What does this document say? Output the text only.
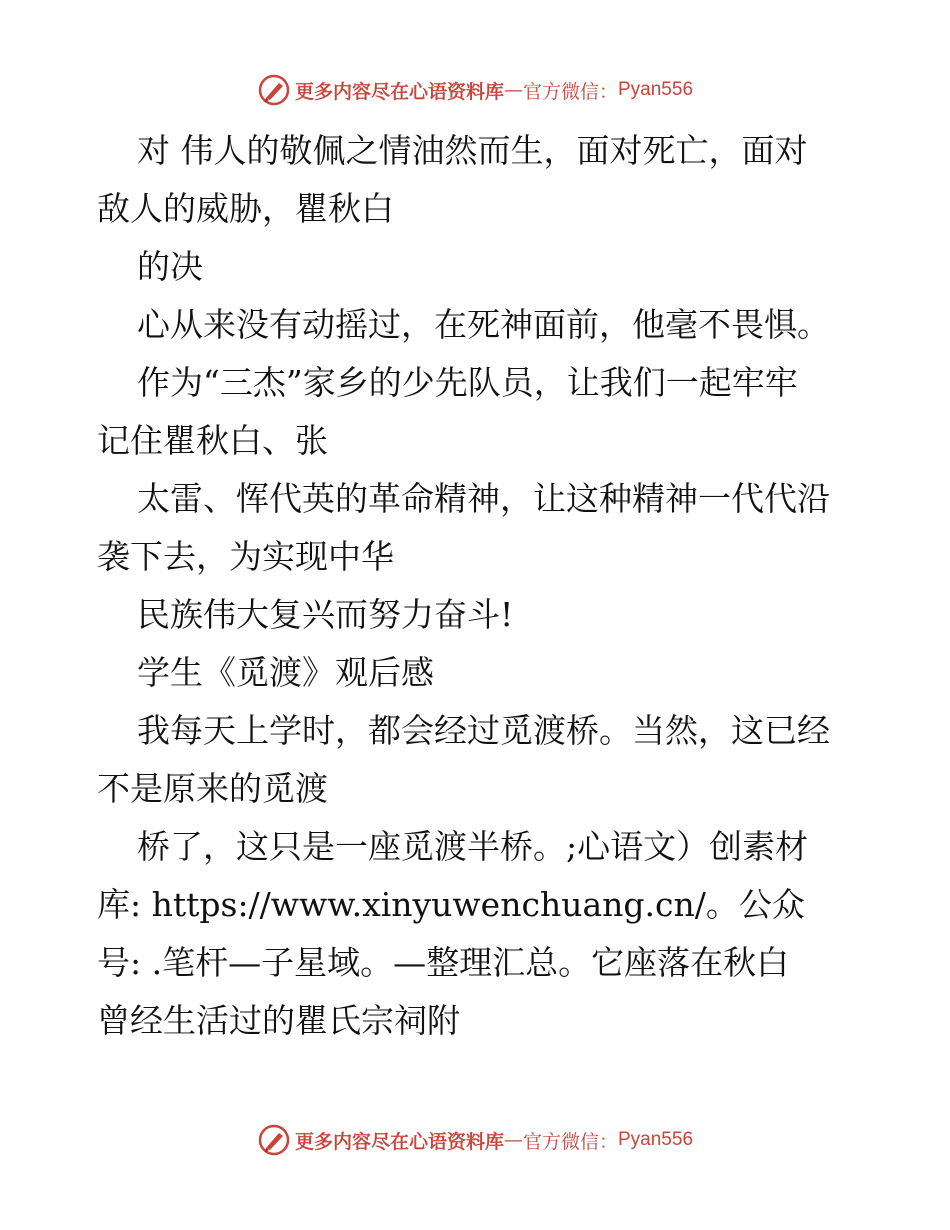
更多内容尽在心语资料库 — 官方微信： Pyan556
对 伟人的敬佩之情油然而生，面对死亡，面对
敌人的威胁，瞿秋白
的决
心从来没有动摇过，在死神面前，他毫不畏惧。
作为“三杰”家乡的少先队员，让我们一起牢牢
记住瞿秋白、张
太雷、恽代英的革命精神，让这种精神一代代沿
袭下去，为实现中华
民族伟大复兴而努力奋斗!
学生《觅渡》观后感
我每天上学时，都会经过觅渡桥。当然，这已经
不是原来的觅渡
桥了，这只是一座觅渡半桥。;心语文）创素材
库: https://www.xinyuwenchuang.cn/。公众
号: .笔杆—子星域。—整理汇总。它座落在秋白
曾经生活过的瞿氏宗祠附
更多内容尽在心语资料库 — 官方微信： Pyan556
